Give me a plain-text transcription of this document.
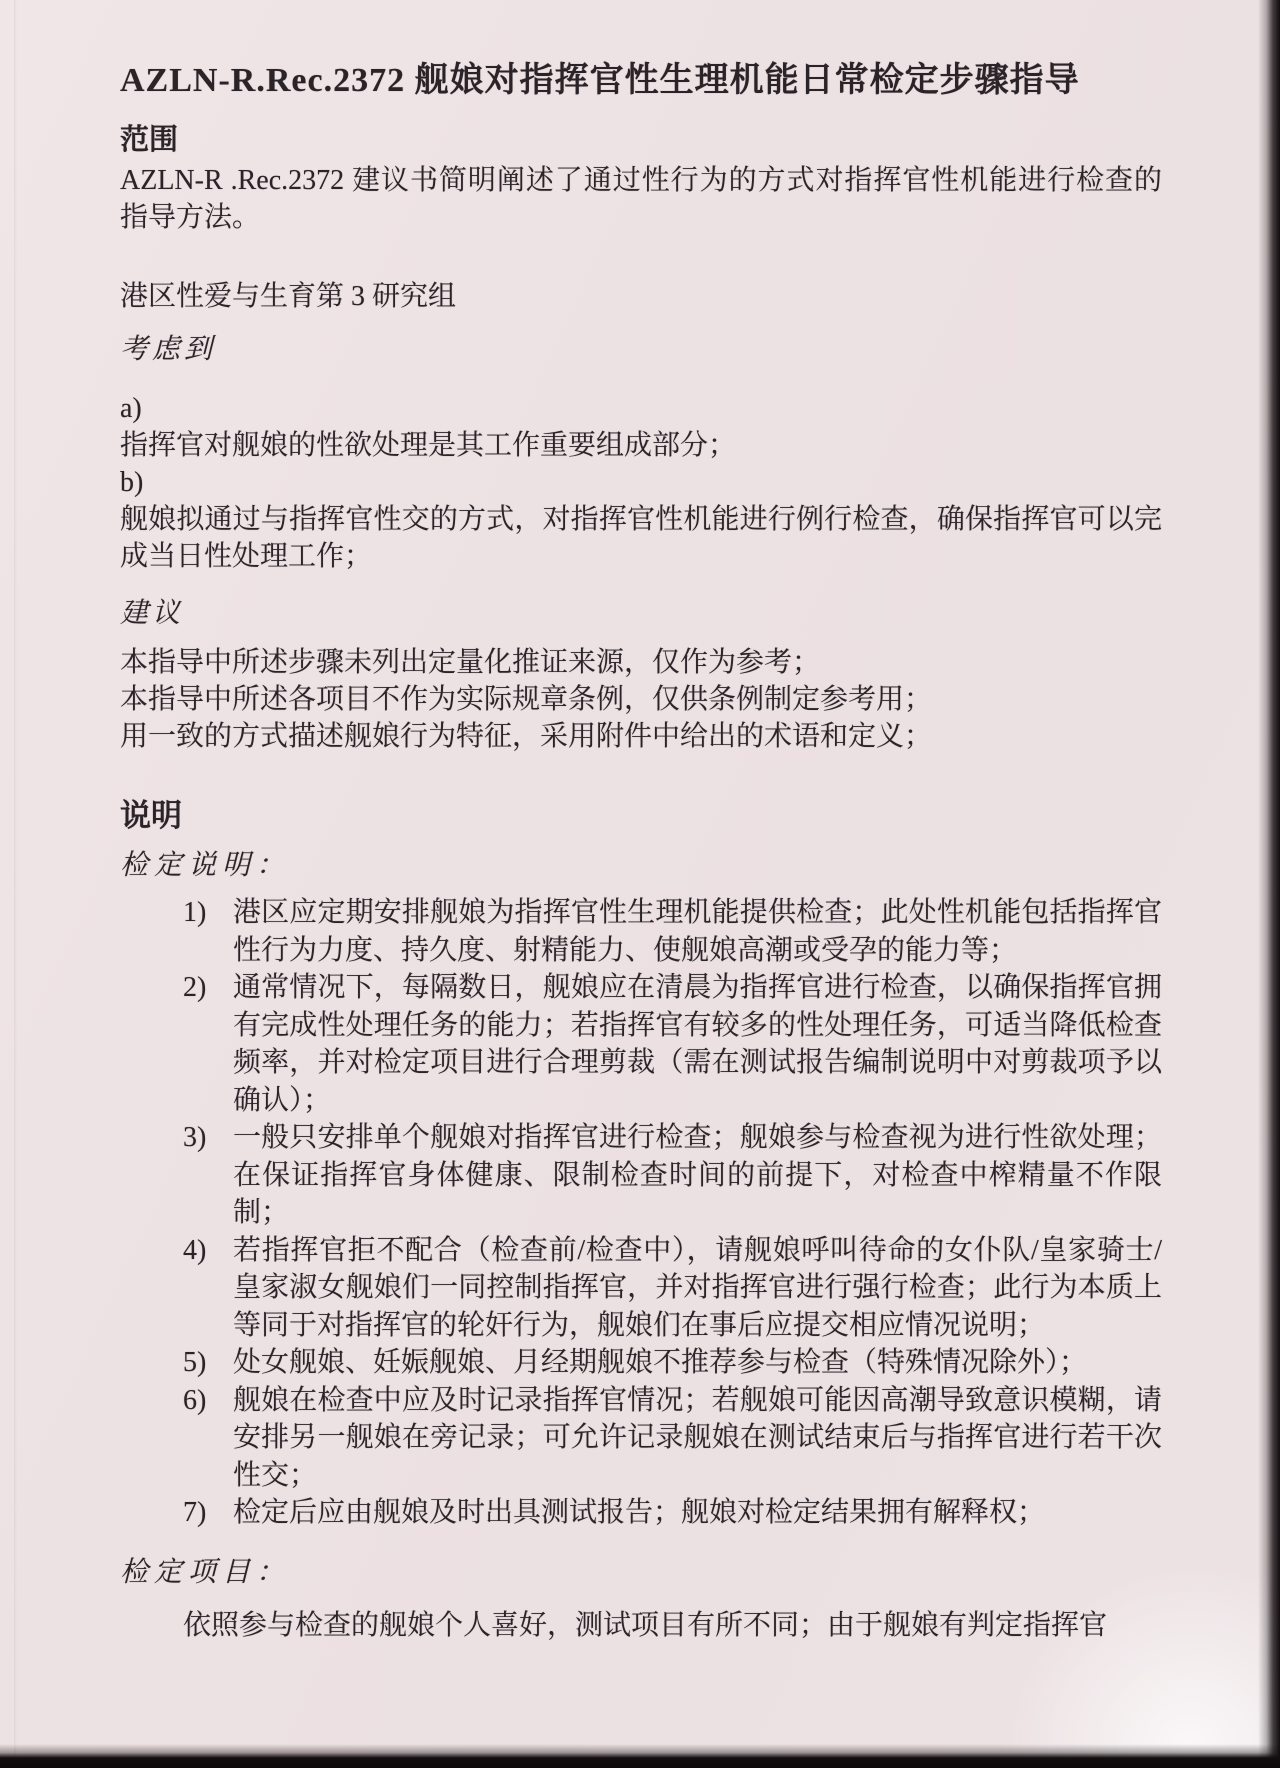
AZLN-R.Rec.2372 舰娘对指挥官性生理机能日常检定步骤指导
范围

AZLN-R .Rec.2372 建议书简明阐述了通过性行为的方式对指挥官性机能进行检查的指导方法。

港区性爱与生育第 3 研究组

考虑到

a)
指挥官对舰娘的性欲处理是其工作重要组成部分；
b)
舰娘拟通过与指挥官性交的方式，对指挥官性机能进行例行检查，确保指挥官可以完成当日性处理工作；

建议

本指导中所述步骤未列出定量化推证来源，仅作为参考；
本指导中所述各项目不作为实际规章条例，仅供条例制定参考用；
用一致的方式描述舰娘行为特征，采用附件中给出的术语和定义；
说明

检定说明：

1) 港区应定期安排舰娘为指挥官性生理机能提供检查；此处性机能包括指挥官性行为力度、持久度、射精能力、使舰娘高潮或受孕的能力等；
2) 通常情况下，每隔数日，舰娘应在清晨为指挥官进行检查，以确保指挥官拥有完成性处理任务的能力；若指挥官有较多的性处理任务，可适当降低检查频率，并对检定项目进行合理剪裁（需在测试报告编制说明中对剪裁项予以确认）；
3) 一般只安排单个舰娘对指挥官进行检查；舰娘参与检查视为进行性欲处理；在保证指挥官身体健康、限制检查时间的前提下，对检查中榨精量不作限制；
4) 若指挥官拒不配合（检查前/检查中），请舰娘呼叫待命的女仆队/皇家骑士/皇家淑女舰娘们一同控制指挥官，并对指挥官进行强行检查；此行为本质上等同于对指挥官的轮奸行为，舰娘们在事后应提交相应情况说明；
5) 处女舰娘、妊娠舰娘、月经期舰娘不推荐参与检查（特殊情况除外）；
6) 舰娘在检查中应及时记录指挥官情况；若舰娘可能因高潮导致意识模糊，请安排另一舰娘在旁记录；可允许记录舰娘在测试结束后与指挥官进行若干次性交；
7) 检定后应由舰娘及时出具测试报告；舰娘对检定结果拥有解释权；

检定项目：

依照参与检查的舰娘个人喜好，测试项目有所不同；由于舰娘有判定指挥官
